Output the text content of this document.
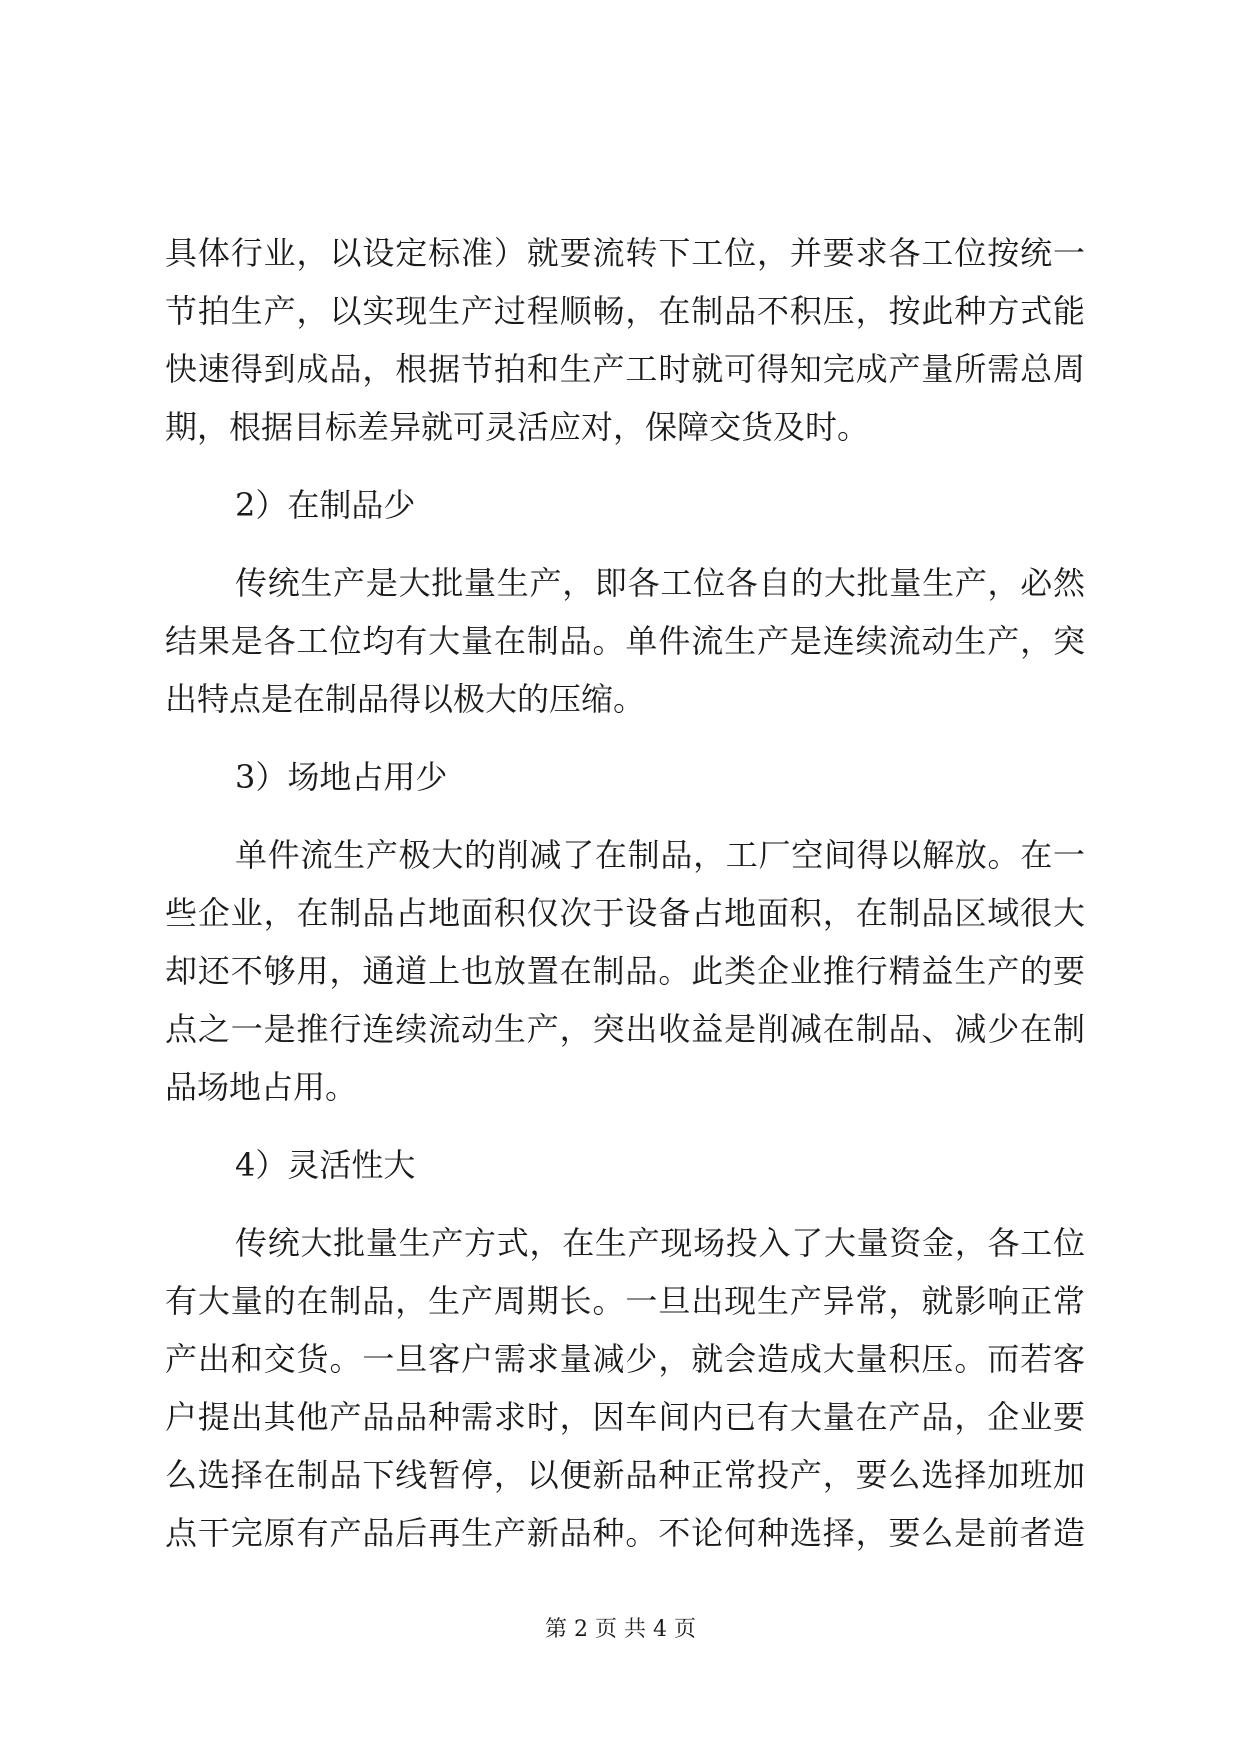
具体行业，以设定标准）就要流转下工位，并要求各工位按统一
节拍生产，以实现生产过程顺畅，在制品不积压，按此种方式能
快速得到成品，根据节拍和生产工时就可得知完成产量所需总周
期，根据目标差异就可灵活应对，保障交货及时。
2）在制品少
传统生产是大批量生产，即各工位各自的大批量生产，必然
结果是各工位均有大量在制品。单件流生产是连续流动生产，突
出特点是在制品得以极大的压缩。
3）场地占用少
单件流生产极大的削减了在制品，工厂空间得以解放。在一
些企业，在制品占地面积仅次于设备占地面积，在制品区域很大
却还不够用，通道上也放置在制品。此类企业推行精益生产的要
点之一是推行连续流动生产，突出收益是削减在制品、减少在制
品场地占用。
4）灵活性大
传统大批量生产方式，在生产现场投入了大量资金，各工位
有大量的在制品，生产周期长。一旦出现生产异常，就影响正常
产出和交货。一旦客户需求量减少，就会造成大量积压。而若客
户提出其他产品品种需求时，因车间内已有大量在产品，企业要
么选择在制品下线暂停，以便新品种正常投产，要么选择加班加
点干完原有产品后再生产新品种。不论何种选择，要么是前者造
第 2 页 共 4 页
